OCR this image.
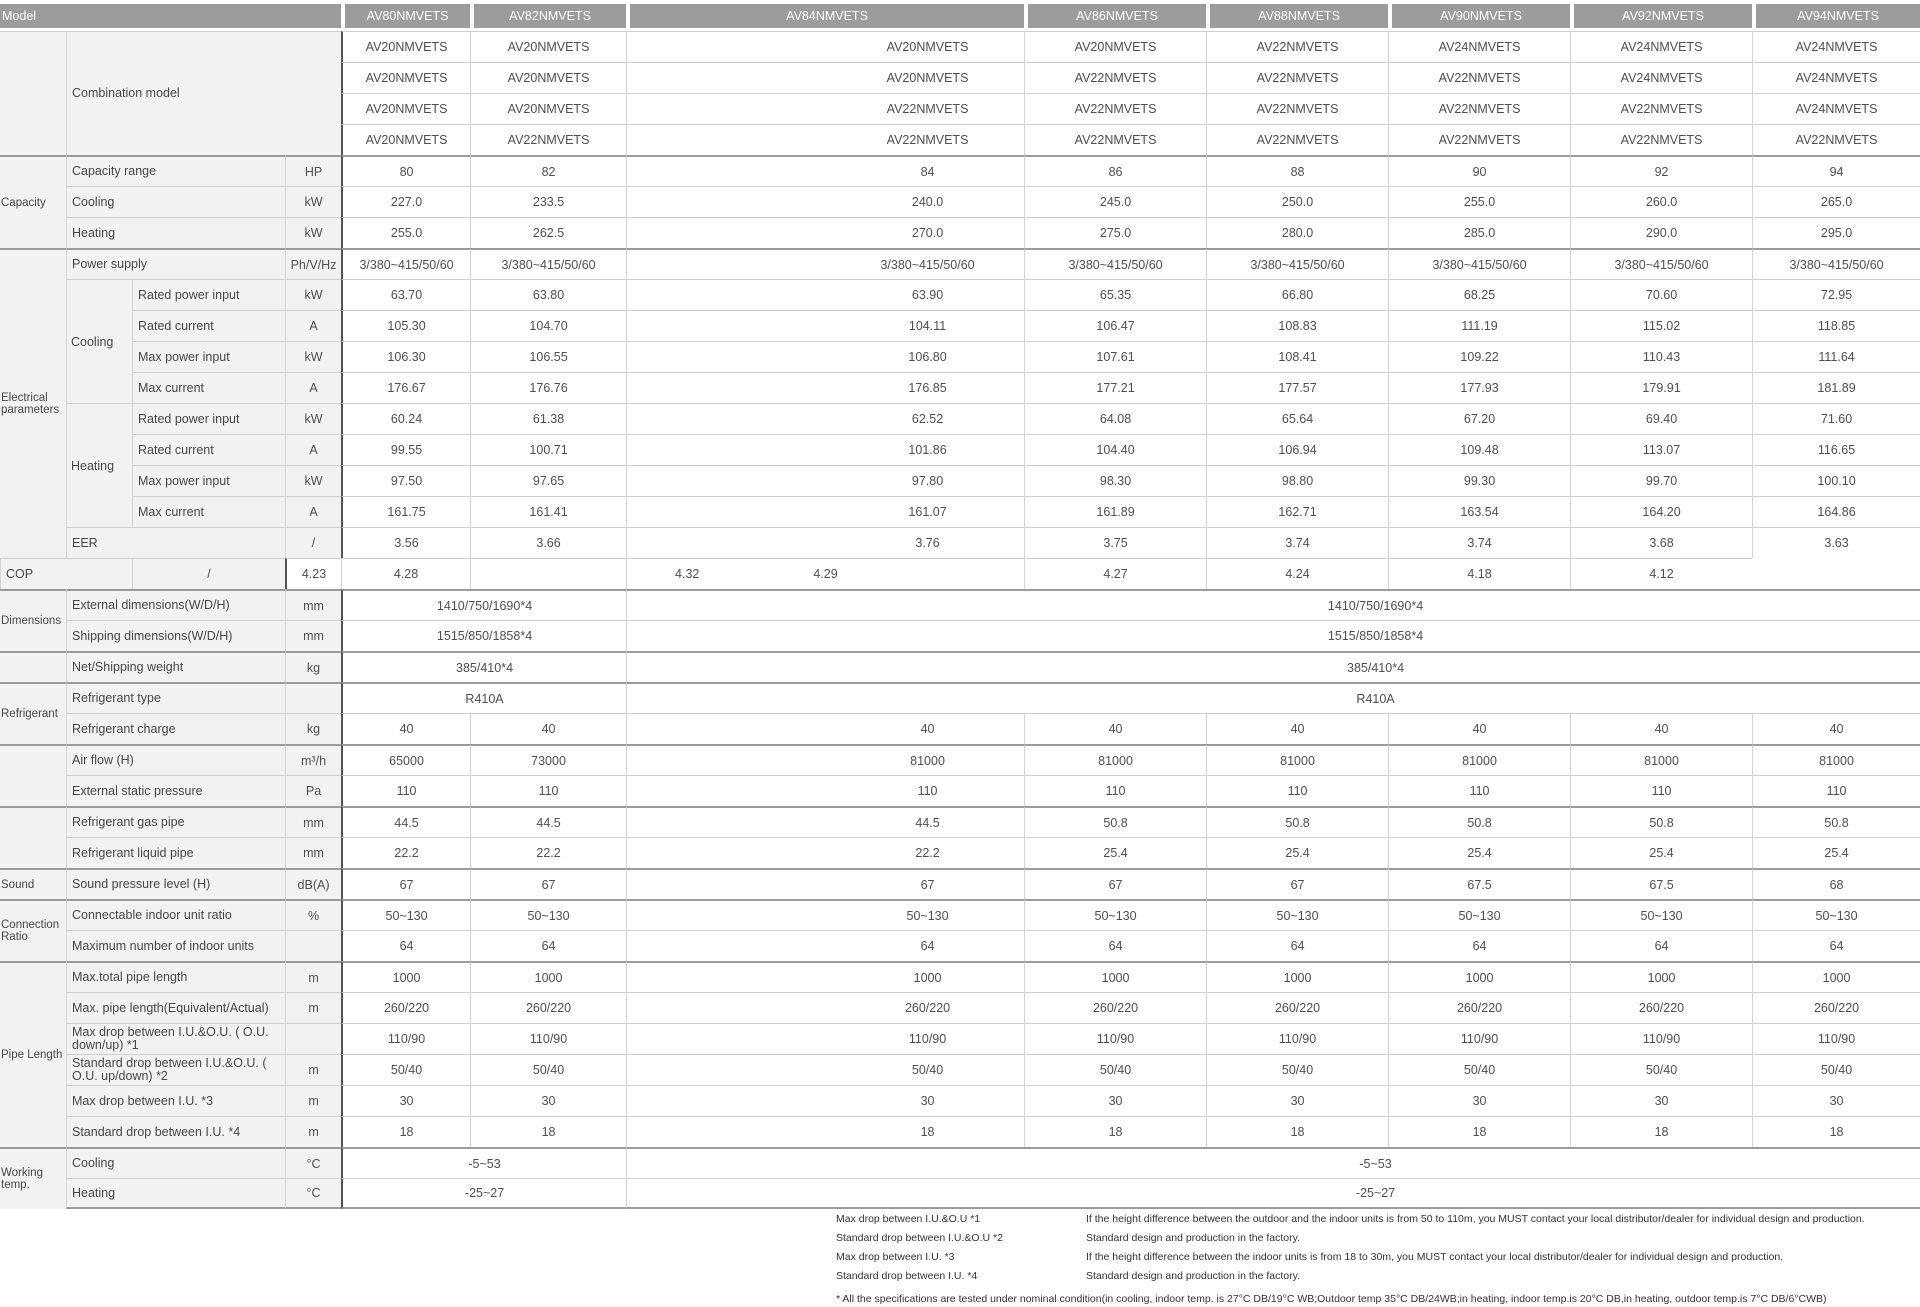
Model				AV80NMVETS	AV82NMVETS	AV84NMVETS	AV86NMVETS	AV88NMVETS	AV90NMVETS	AV92NMVETS	AV94NMVETS
	Combination model			AV20NMVETS	AV20NMVETS	AV20NMVETS	AV20NMVETS	AV22NMVETS	AV24NMVETS	AV24NMVETS	AV24NMVETS
				AV20NMVETS	AV20NMVETS	AV20NMVETS	AV22NMVETS	AV22NMVETS	AV22NMVETS	AV24NMVETS	AV24NMVETS
				AV20NMVETS	AV20NMVETS	AV22NMVETS	AV22NMVETS	AV22NMVETS	AV22NMVETS	AV22NMVETS	AV24NMVETS
				AV20NMVETS	AV22NMVETS	AV22NMVETS	AV22NMVETS	AV22NMVETS	AV22NMVETS	AV22NMVETS	AV22NMVETS
Capacity	Capacity range		HP	80	82	84	86	88	90	92	94
	Cooling		kW	227.0	233.5	240.0	245.0	250.0	255.0	260.0	265.0
	Heating		kW	255.0	262.5	270.0	275.0	280.0	285.0	290.0	295.0
Electrical parameters	Power supply		Ph/V/Hz	3/380~415/50/60	3/380~415/50/60	3/380~415/50/60	3/380~415/50/60	3/380~415/50/60	3/380~415/50/60	3/380~415/50/60	3/380~415/50/60
	Cooling	Rated power input	kW	63.70	63.80	63.90	65.35	66.80	68.25	70.60	72.95
		Rated current	A	105.30	104.70	104.11	106.47	108.83	111.19	115.02	118.85
		Max power input	kW	106.30	106.55	106.80	107.61	108.41	109.22	110.43	111.64
		Max current	A	176.67	176.76	176.85	177.21	177.57	177.93	179.91	181.89
	Heating	Rated power input	kW	60.24	61.38	62.52	64.08	65.64	67.20	69.40	71.60
		Rated current	A	99.55	100.71	101.86	104.40	106.94	109.48	113.07	116.65
		Max power input	kW	97.50	97.65	97.80	98.30	98.80	99.30	99.70	100.10
		Max current	A	161.75	161.41	161.07	161.89	162.71	163.54	164.20	164.86
	EER		/	3.56	3.66	3.76	3.75	3.74	3.74	3.68	3.63
COP		/	4.23	4.28	4.32	4.29	4.27	4.24	4.18	4.12	
Dimensions	External dimensions(W/D/H)		mm	1410/750/1690*4		1410/750/1690*4					
	Shipping dimensions(W/D/H)		mm	1515/850/1858*4		1515/850/1858*4					
	Net/Shipping weight		kg	385/410*4		385/410*4					
Refrigerant	Refrigerant type			R410A		R410A					
	Refrigerant charge		kg	40	40	40	40	40	40	40	40
	Air flow (H)		m³/h	65000	73000	81000	81000	81000	81000	81000	81000
	External static pressure		Pa	110	110	110	110	110	110	110	110
	Refrigerant gas pipe		mm	44.5	44.5	44.5	50.8	50.8	50.8	50.8	50.8
	Refrigerant liquid pipe		mm	22.2	22.2	22.2	25.4	25.4	25.4	25.4	25.4
Sound	Sound pressure level (H)		dB(A)	67	67	67	67	67	67.5	67.5	68
Connection Ratio	Connectable indoor unit ratio		%	50~130	50~130	50~130	50~130	50~130	50~130	50~130	50~130
	Maximum number of indoor units			64	64	64	64	64	64	64	64
Pipe Length	Max.total pipe length		m	1000	1000	1000	1000	1000	1000	1000	1000
	Max. pipe length(Equivalent/Actual)		m	260/220	260/220	260/220	260/220	260/220	260/220	260/220	260/220
	Max drop between I.U.&O.U. ( O.U. down/up) *1			110/90	110/90	110/90	110/90	110/90	110/90	110/90	110/90
	Standard drop between I.U.&O.U. ( O.U. up/down) *2		m	50/40	50/40	50/40	50/40	50/40	50/40	50/40	50/40
	Max drop between I.U. *3		m	30	30	30	30	30	30	30	30
	Standard drop between I.U. *4		m	18	18	18	18	18	18	18	18
Working temp.	Cooling		°C	-5~53		-5~53					
	Heating		°C	-25~27		-25~27					
Max drop between I.U.&O.U *1	If the height difference between the outdoor and the indoor units is from 50 to 110m, you MUST contact your local distributor/dealer for individual design and production.
Standard drop between I.U.&O.U *2	Standard design and production in the factory.
Max drop between I.U. *3	If the height difference between the indoor units is from 18 to 30m, you MUST contact your local distributor/dealer for individual design and production.
Standard drop between I.U. *4	Standard design and production in the factory.
* All the specifications are tested under nominal condition(in cooling, indoor temp. is 27°C DB/19°C WB;Outdoor temp 35°C DB/24WB;in heating, indoor temp.is 20°C DB,in heating, outdoor temp.is 7°C DB/6°CWB)
